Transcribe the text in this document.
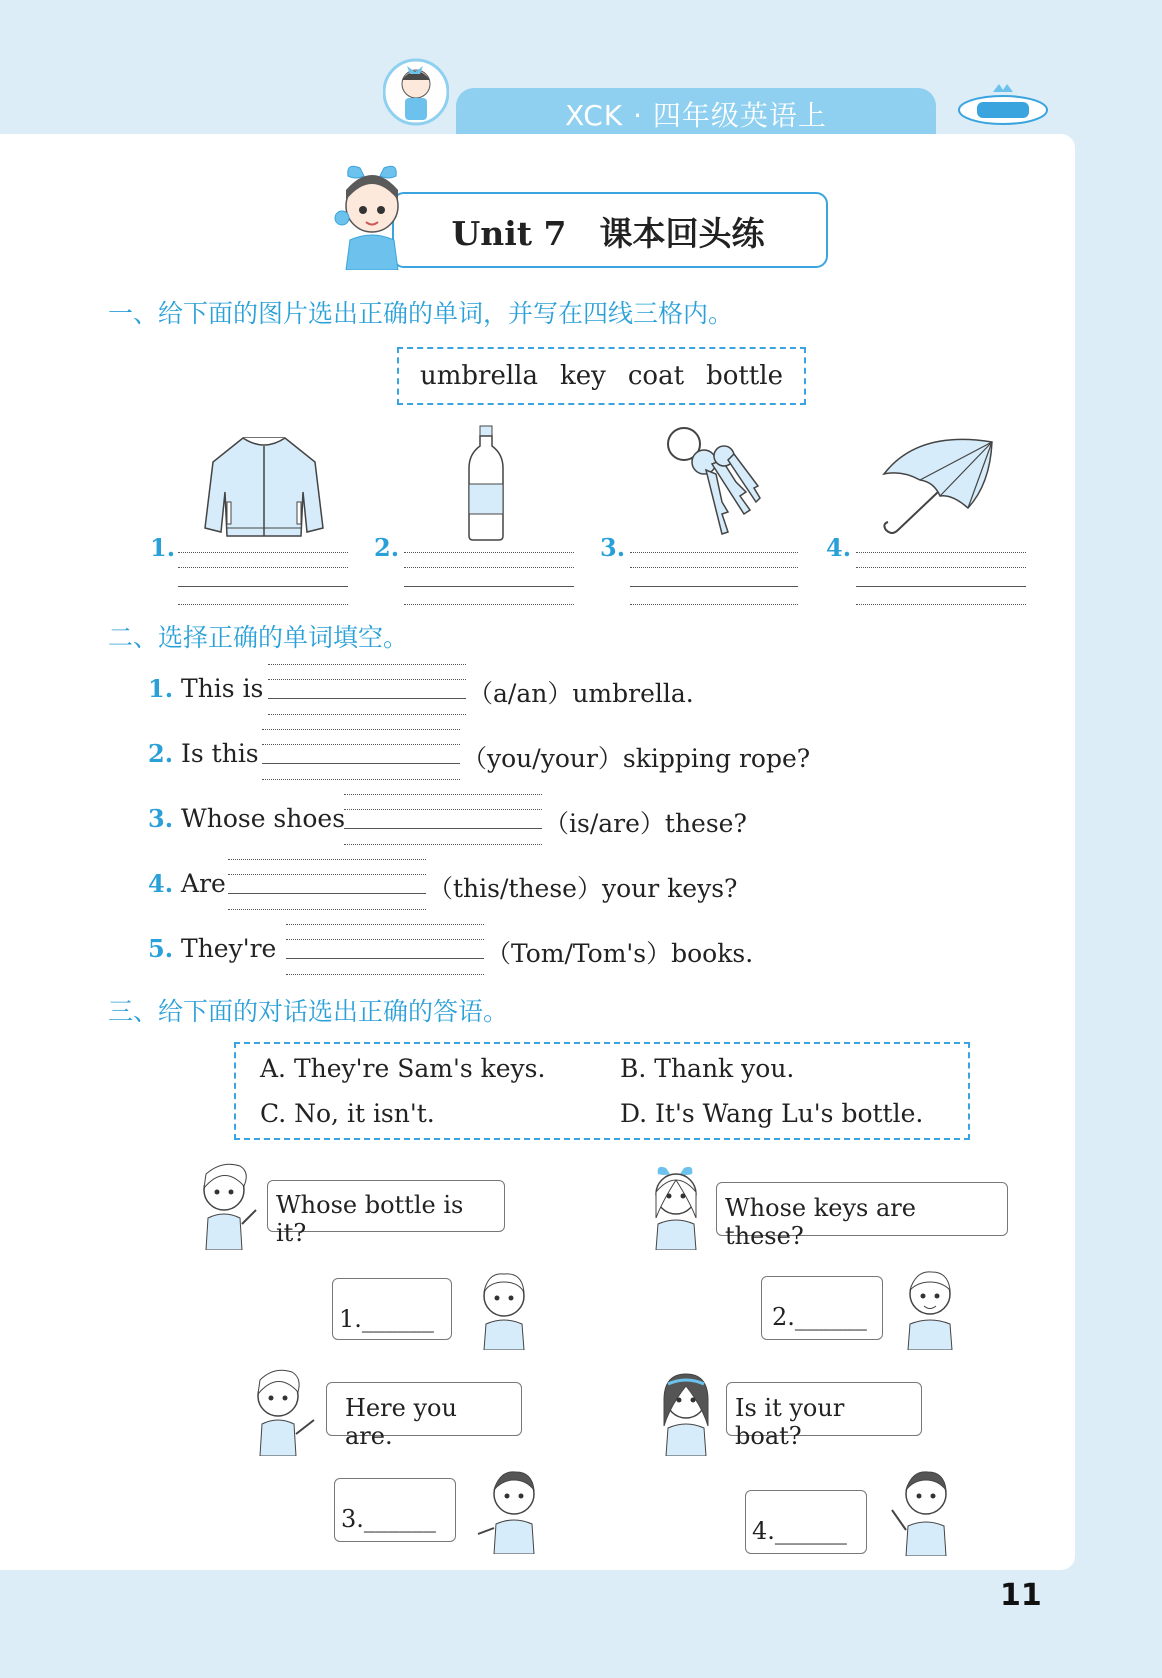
XCK · 四年级英语上
Unit 7　课本回头练
一、给下面的图片选出正确的单词，并写在四线三格内。
umbrella key coat bottle
1.	2.	3.	4.
二、选择正确的单词填空。
1. This is	（a/an）umbrella.
2. Is this	（you/your）skipping rope?
3. Whose shoes	（is/are）these?
4. Are	（this/these）your keys?
5. They're	（Tom/Tom's）books.
三、给下面的对话选出正确的答语。
A. They're Sam's keys.	B. Thank you.
C. No, it isn't.	D. It's Wang Lu's bottle.
Whose bottle is it?
1.______
Whose keys are these?
2.______
Here you are.
3.______
Is it your boat?
4.______
11
